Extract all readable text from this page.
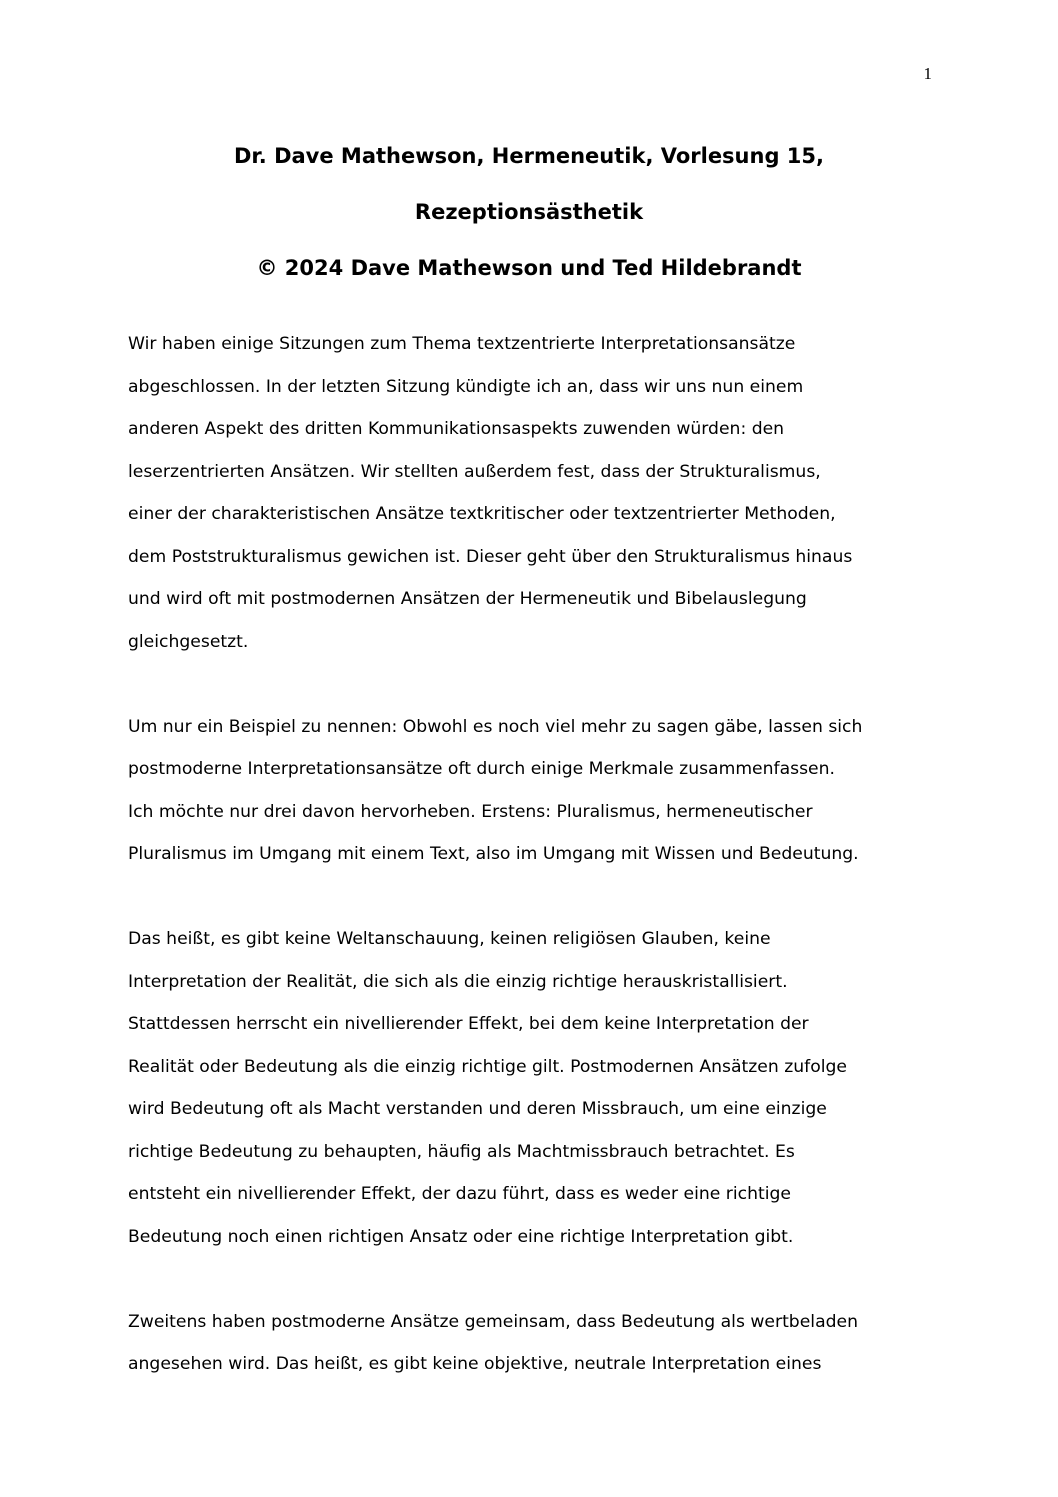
1
Dr. Dave Mathewson, Hermeneutik, Vorlesung 15,
Rezeptionsästhetik
© 2024 Dave Mathewson und Ted Hildebrandt

Wir haben einige Sitzungen zum Thema textzentrierte Interpretationsansätze
abgeschlossen. In der letzten Sitzung kündigte ich an, dass wir uns nun einem
anderen Aspekt des dritten Kommunikationsaspekts zuwenden würden: den
leserzentrierten Ansätzen. Wir stellten außerdem fest, dass der Strukturalismus,
einer der charakteristischen Ansätze textkritischer oder textzentrierter Methoden,
dem Poststrukturalismus gewichen ist. Dieser geht über den Strukturalismus hinaus
und wird oft mit postmodernen Ansätzen der Hermeneutik und Bibelauslegung
gleichgesetzt.

Um nur ein Beispiel zu nennen: Obwohl es noch viel mehr zu sagen gäbe, lassen sich
postmoderne Interpretationsansätze oft durch einige Merkmale zusammenfassen.
Ich möchte nur drei davon hervorheben. Erstens: Pluralismus, hermeneutischer
Pluralismus im Umgang mit einem Text, also im Umgang mit Wissen und Bedeutung.

Das heißt, es gibt keine Weltanschauung, keinen religiösen Glauben, keine
Interpretation der Realität, die sich als die einzig richtige herauskristallisiert.
Stattdessen herrscht ein nivellierender Effekt, bei dem keine Interpretation der
Realität oder Bedeutung als die einzig richtige gilt. Postmodernen Ansätzen zufolge
wird Bedeutung oft als Macht verstanden und deren Missbrauch, um eine einzige
richtige Bedeutung zu behaupten, häufig als Machtmissbrauch betrachtet. Es
entsteht ein nivellierender Effekt, der dazu führt, dass es weder eine richtige
Bedeutung noch einen richtigen Ansatz oder eine richtige Interpretation gibt.

Zweitens haben postmoderne Ansätze gemeinsam, dass Bedeutung als wertbeladen
angesehen wird. Das heißt, es gibt keine objektive, neutrale Interpretation eines
